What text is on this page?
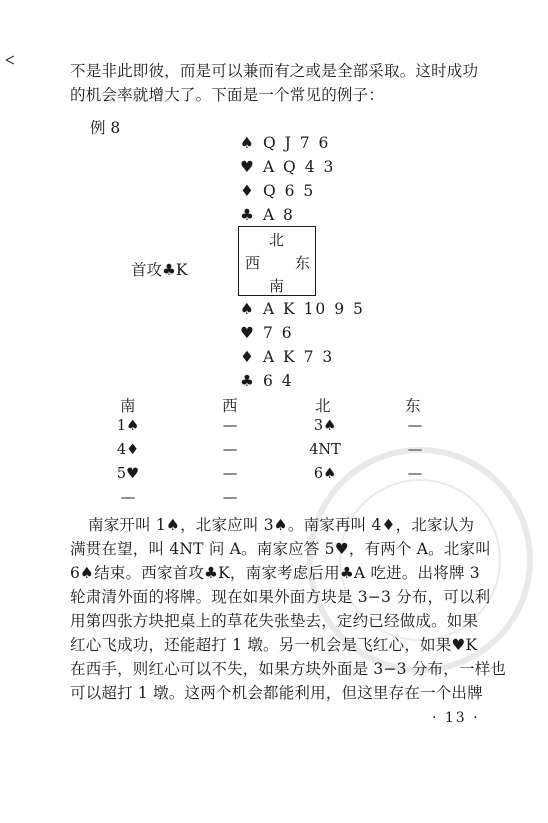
不是非此即彼，而是可以兼而有之或是全部采取。这时成功
的机会率就增大了。下面是一个常见的例子：
例 8
♠ Q J 7 6
♥ A Q 4 3
♦ Q 6 5
♣ A 8
北
西 东
南
首攻♣K
♠ A K 10 9 5
♥ 7 6
♦ A K 7 3
♣ 6 4
南	西	北	东
1♠	—	3♠	—
4♦	—	4NT	—
5♥	—	6♠	—
—	—
南家开叫 1♠，北家应叫 3♠。南家再叫 4♦，北家认为
满贯在望，叫 4NT 问 A。南家应答 5♥，有两个 A。北家叫
6♠结束。西家首攻♣K，南家考虑后用♣A 吃进。出将牌 3
轮肃清外面的将牌。现在如果外面方块是 3−3 分布，可以利
用第四张方块把桌上的草花失张垫去，定约已经做成。如果
红心飞成功，还能超打 1 墩。另一机会是飞红心，如果♥K
在西手，则红心可以不失，如果方块外面是 3−3 分布，一样也
可以超打 1 墩。这两个机会都能利用，但这里存在一个出牌
· 13 ·
